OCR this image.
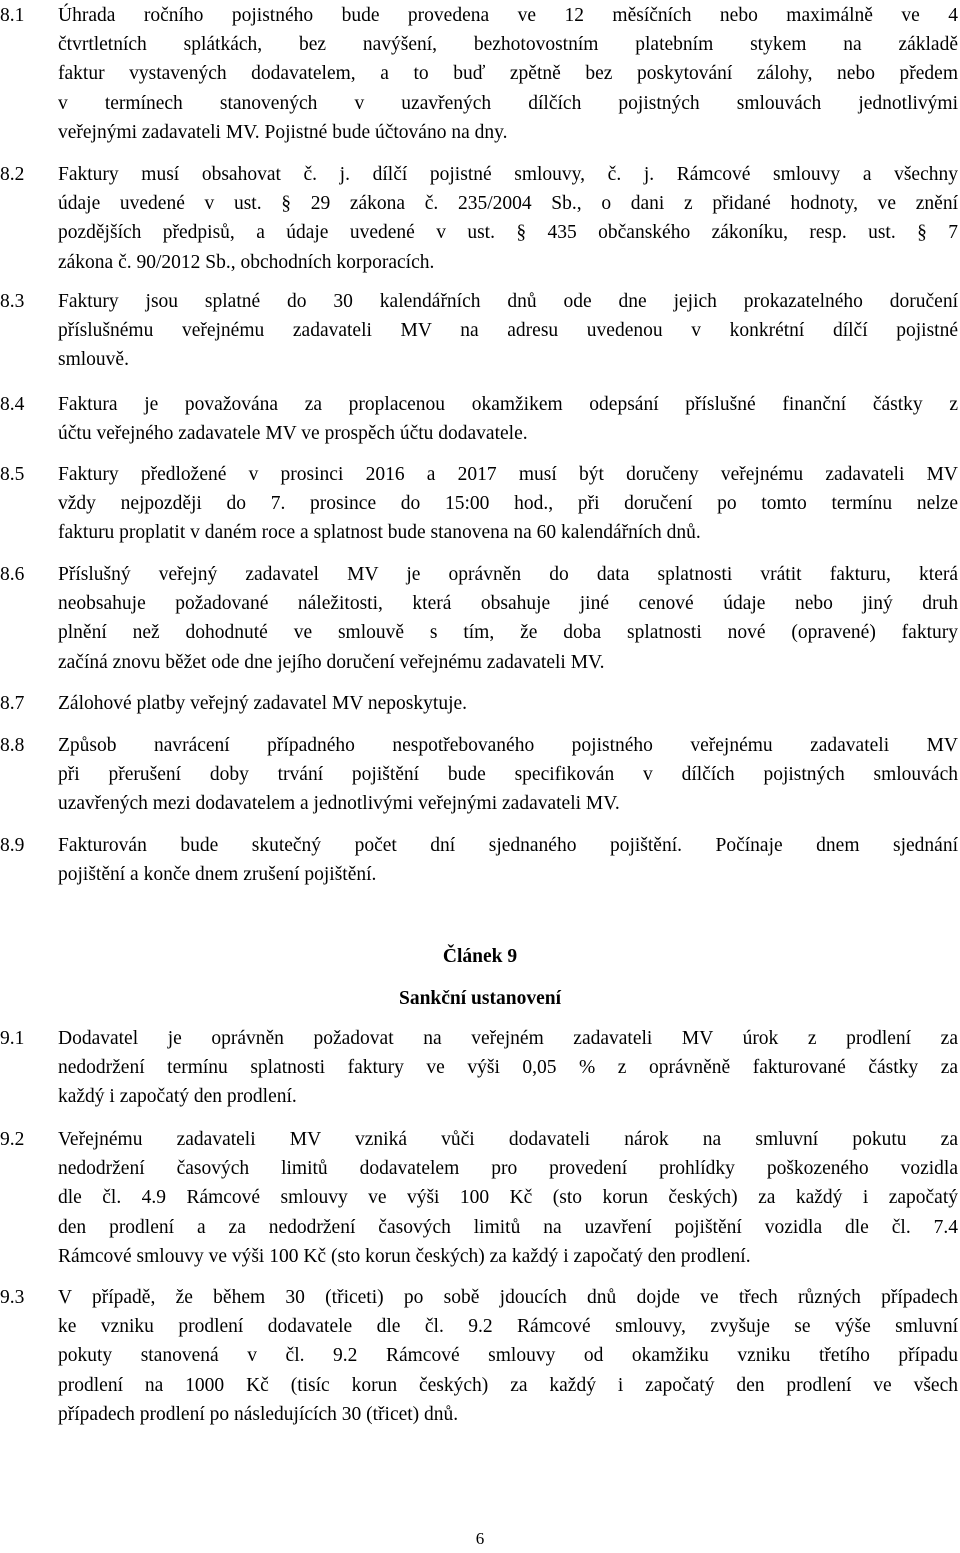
8.1	Úhrada ročního pojistného bude provedena ve 12 měsíčních nebo maximálně ve 4
čtvrtletních splátkách, bez navýšení, bezhotovostním platebním stykem na základě
faktur vystavených dodavatelem, a to buď zpětně bez poskytování zálohy, nebo předem
v termínech stanovených v uzavřených dílčích pojistných smlouvách jednotlivými
veřejnými zadavateli MV. Pojistné bude účtováno na dny.
8.2	Faktury musí obsahovat č. j. dílčí pojistné smlouvy, č. j. Rámcové smlouvy a všechny
údaje uvedené v ust. § 29 zákona č. 235/2004 Sb., o dani z přidané hodnoty, ve znění
pozdějších předpisů, a údaje uvedené v ust. § 435 občanského zákoníku, resp. ust. § 7
zákona č. 90/2012 Sb., obchodních korporacích.
8.3	Faktury jsou splatné do 30 kalendářních dnů ode dne jejich prokazatelného doručení
příslušnému veřejnému zadavateli MV na adresu uvedenou v konkrétní dílčí pojistné
smlouvě.
8.4	Faktura je považována za proplacenou okamžikem odepsání příslušné finanční částky z
účtu veřejného zadavatele MV ve prospěch účtu dodavatele.
8.5	Faktury předložené v prosinci 2016 a 2017 musí být doručeny veřejnému zadavateli MV
vždy nejpozději do 7. prosince do 15:00 hod., při doručení po tomto termínu nelze
fakturu proplatit v daném roce a splatnost bude stanovena na 60 kalendářních dnů.
8.6	Příslušný veřejný zadavatel MV je oprávněn do data splatnosti vrátit fakturu, která
neobsahuje požadované náležitosti, která obsahuje jiné cenové údaje nebo jiný druh
plnění než dohodnuté ve smlouvě s tím, že doba splatnosti nové (opravené) faktury
začíná znovu běžet ode dne jejího doručení veřejnému zadavateli MV.
8.7	Zálohové platby veřejný zadavatel MV neposkytuje.
8.8	Způsob navrácení případného nespotřebovaného pojistného veřejnému zadavateli MV
při přerušení doby trvání pojištění bude specifikován v dílčích pojistných smlouvách
uzavřených mezi dodavatelem a jednotlivými veřejnými zadavateli MV.
8.9	Fakturován bude skutečný počet dní sjednaného pojištění. Počínaje dnem sjednání
pojištění a konče dnem zrušení pojištění.
Článek 9
Sankční ustanovení
9.1	Dodavatel je oprávněn požadovat na veřejném zadavateli MV úrok z prodlení za
nedodržení termínu splatnosti faktury ve výši 0,05 % z oprávněně fakturované částky za
každý i započatý den prodlení.
9.2	Veřejnému zadavateli MV vzniká vůči dodavateli nárok na smluvní pokutu za
nedodržení časových limitů dodavatelem pro provedení prohlídky poškozeného vozidla
dle čl. 4.9 Rámcové smlouvy ve výši 100 Kč (sto korun českých) za každý i započatý
den prodlení a za nedodržení časových limitů na uzavření pojištění vozidla dle čl. 7.4
Rámcové smlouvy ve výši 100 Kč (sto korun českých) za každý i započatý den prodlení.
9.3	V případě, že během 30 (třiceti) po sobě jdoucích dnů dojde ve třech různých případech
ke vzniku prodlení dodavatele dle čl. 9.2 Rámcové smlouvy, zvyšuje se výše smluvní
pokuty stanovená v čl. 9.2 Rámcové smlouvy od okamžiku vzniku třetího případu
prodlení na 1000 Kč (tisíc korun českých) za každý i započatý den prodlení ve všech
případech prodlení po následujících 30 (třicet) dnů.
6
